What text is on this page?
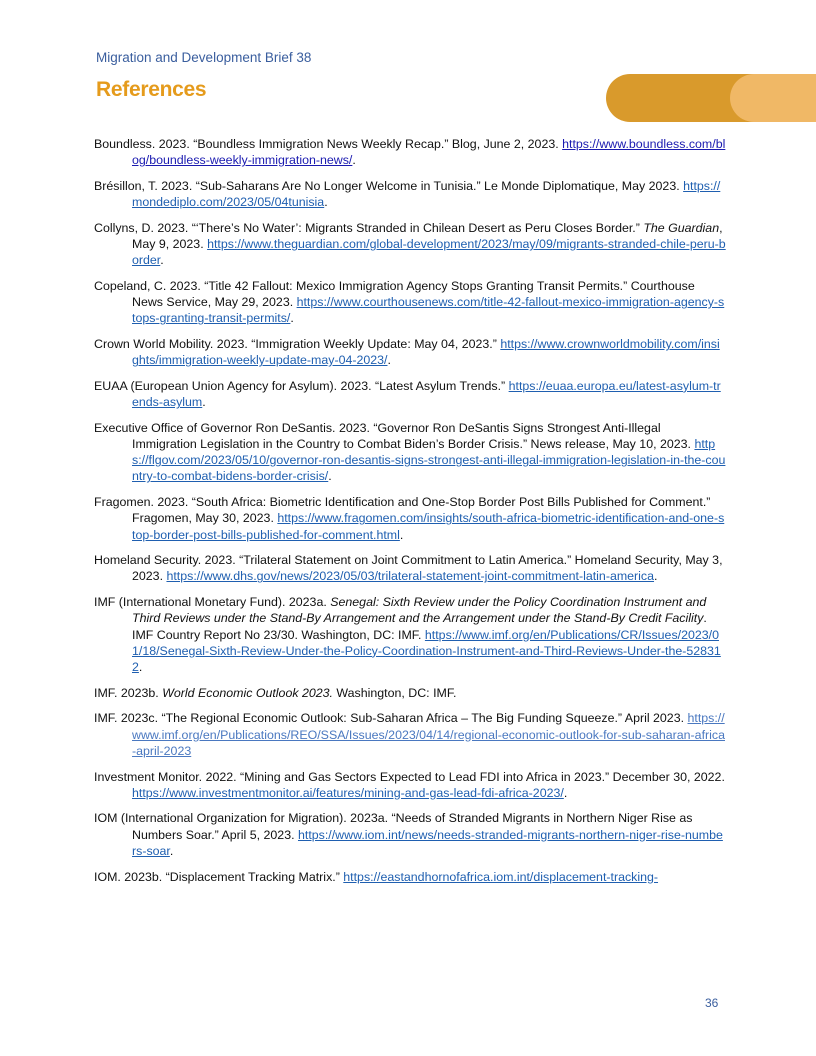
Migration and Development Brief 38
References
Boundless. 2023. “Boundless Immigration News Weekly Recap.” Blog, June 2, 2023. https://www.boundless.com/blog/boundless-weekly-immigration-news/.
Brésillon, T. 2023. “Sub-Saharans Are No Longer Welcome in Tunisia.” Le Monde Diplomatique, May 2023. https://mondediplo.com/2023/05/04tunisia.
Collyns, D. 2023. “‘There’s No Water’: Migrants Stranded in Chilean Desert as Peru Closes Border.” The Guardian, May 9, 2023. https://www.theguardian.com/global-development/2023/may/09/migrants-stranded-chile-peru-border.
Copeland, C. 2023. “Title 42 Fallout: Mexico Immigration Agency Stops Granting Transit Permits.” Courthouse News Service, May 29, 2023. https://www.courthousenews.com/title-42-fallout-mexico-immigration-agency-stops-granting-transit-permits/.
Crown World Mobility. 2023. “Immigration Weekly Update: May 04, 2023.” https://www.crownworldmobility.com/insights/immigration-weekly-update-may-04-2023/.
EUAA (European Union Agency for Asylum). 2023. “Latest Asylum Trends.” https://euaa.europa.eu/latest-asylum-trends-asylum.
Executive Office of Governor Ron DeSantis. 2023. “Governor Ron DeSantis Signs Strongest Anti-Illegal Immigration Legislation in the Country to Combat Biden’s Border Crisis.” News release, May 10, 2023. https://flgov.com/2023/05/10/governor-ron-desantis-signs-strongest-anti-illegal-immigration-legislation-in-the-country-to-combat-bidens-border-crisis/.
Fragomen. 2023. “South Africa: Biometric Identification and One-Stop Border Post Bills Published for Comment.” Fragomen, May 30, 2023. https://www.fragomen.com/insights/south-africa-biometric-identification-and-one-stop-border-post-bills-published-for-comment.html.
Homeland Security. 2023. “Trilateral Statement on Joint Commitment to Latin America.” Homeland Security, May 3, 2023. https://www.dhs.gov/news/2023/05/03/trilateral-statement-joint-commitment-latin-america.
IMF (International Monetary Fund). 2023a. Senegal: Sixth Review under the Policy Coordination Instrument and Third Reviews under the Stand-By Arrangement and the Arrangement under the Stand-By Credit Facility. IMF Country Report No 23/30. Washington, DC: IMF. https://www.imf.org/en/Publications/CR/Issues/2023/01/18/Senegal-Sixth-Review-Under-the-Policy-Coordination-Instrument-and-Third-Reviews-Under-the-528312.
IMF. 2023b. World Economic Outlook 2023. Washington, DC: IMF.
IMF. 2023c. “The Regional Economic Outlook: Sub-Saharan Africa – The Big Funding Squeeze.” April 2023. https://www.imf.org/en/Publications/REO/SSA/Issues/2023/04/14/regional-economic-outlook-for-sub-saharan-africa-april-2023
Investment Monitor. 2022. “Mining and Gas Sectors Expected to Lead FDI into Africa in 2023.” December 30, 2022. https://www.investmentmonitor.ai/features/mining-and-gas-lead-fdi-africa-2023/.
IOM (International Organization for Migration). 2023a. “Needs of Stranded Migrants in Northern Niger Rise as Numbers Soar.” April 5, 2023. https://www.iom.int/news/needs-stranded-migrants-northern-niger-rise-numbers-soar.
IOM. 2023b. “Displacement Tracking Matrix.” https://eastandhornofafrica.iom.int/displacement-tracking-
36
